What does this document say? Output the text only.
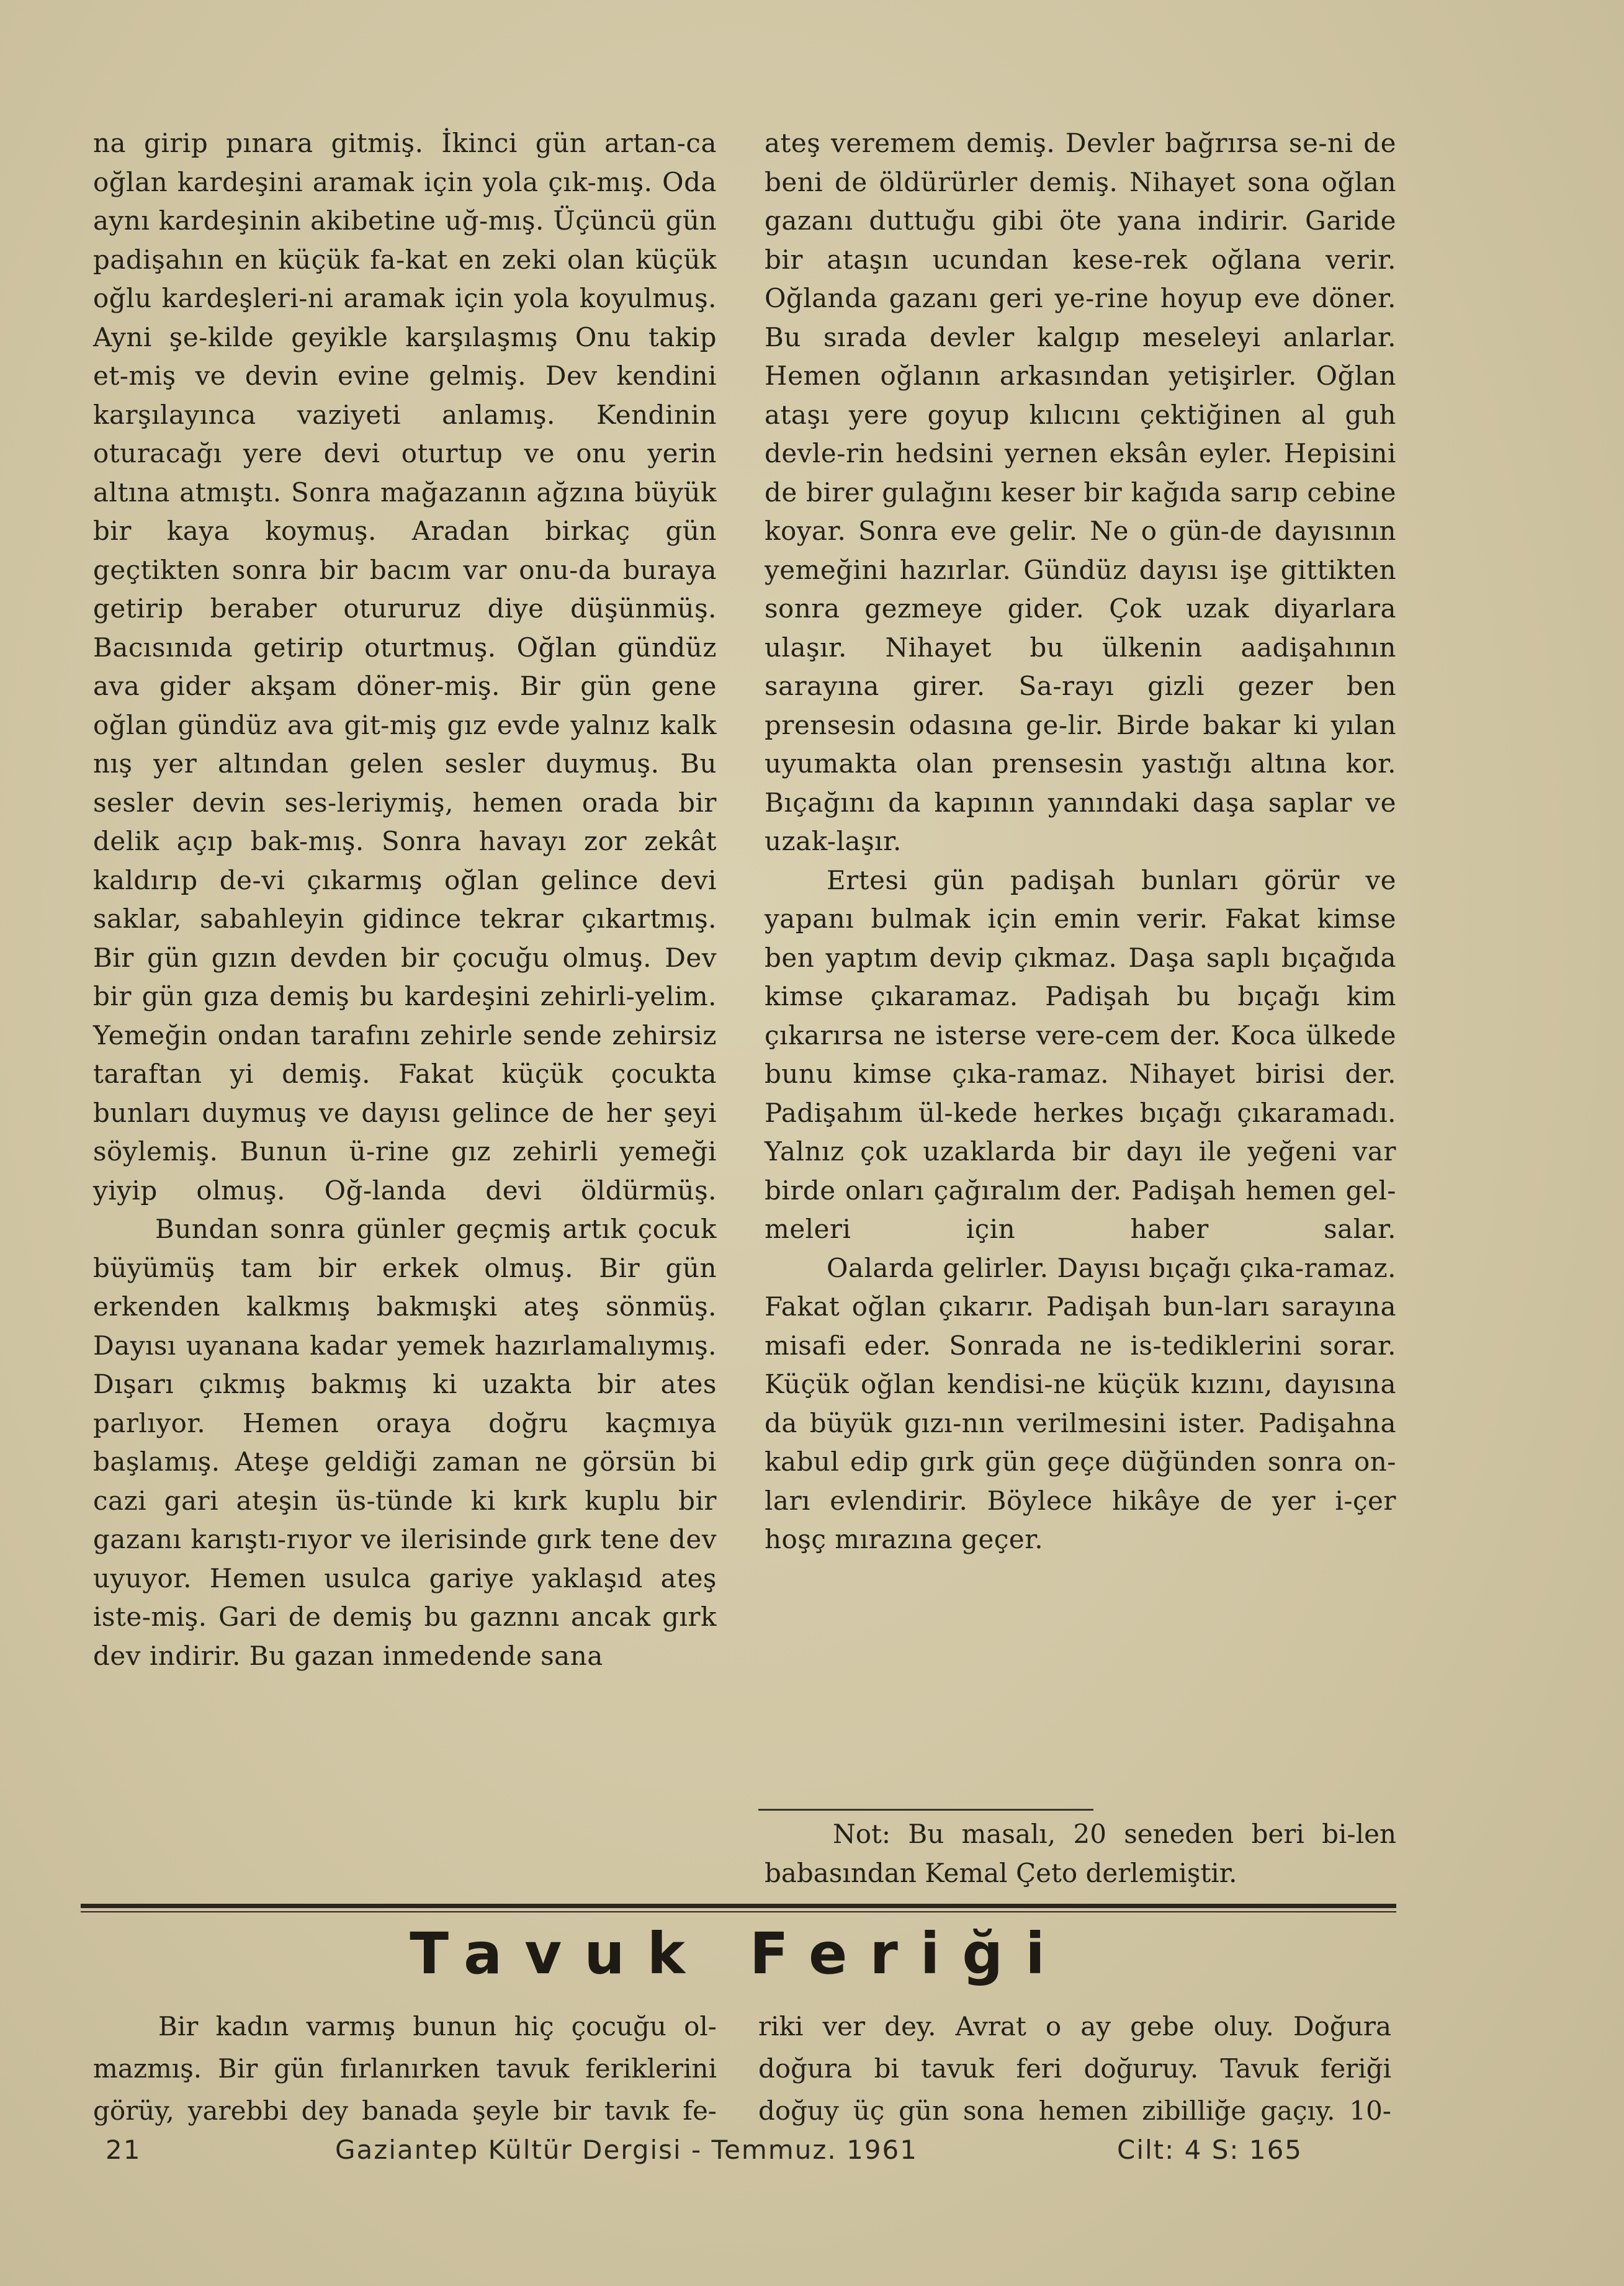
na girip pınara gitmiş. İkinci gün artan-ca oğlan kardeşini aramak için yola çık-mış. Oda aynı kardeşinin akibetine uğ-mış. Üçüncü gün padişahın en küçük fa-kat en zeki olan küçük oğlu kardeşleri-ni aramak için yola koyulmuş. Ayni şe-kilde geyikle karşılaşmış Onu takip et-miş ve devin evine gelmiş. Dev kendini karşılayınca vaziyeti anlamış. Kendinin oturacağı yere devi oturtup ve onu yerin altına atmıştı. Sonra mağazanın ağzına büyük bir kaya koymuş. Aradan birkaç gün geçtikten sonra bir bacım var onu-da buraya getirip beraber otururuz diye düşünmüş. Bacısınıda getirip oturtmuş. Oğlan gündüz ava gider akşam döner-miş. Bir gün gene oğlan gündüz ava git-miş gız evde yalnız kalk nış yer altından gelen sesler duymuş. Bu sesler devin ses-leriymiş, hemen orada bir delik açıp bak-mış. Sonra havayı zor zekât kaldırıp de-vi çıkarmış oğlan gelince devi saklar, sabahleyin gidince tekrar çıkartmış. Bir gün gızın devden bir çocuğu olmuş. Dev bir gün gıza demiş bu kardeşini zehirli-yelim. Yemeğin ondan tarafını zehirle sende zehirsiz taraftan yi demiş. Fakat küçük çocukta bunları duymuş ve dayısı gelince de her şeyi söylemiş. Bunun ü-rine gız zehirli yemeği yiyip olmuş. Oğ-landa devi öldürmüş.

Bundan sonra günler geçmiş artık çocuk büyümüş tam bir erkek olmuş. Bir gün erkenden kalkmış bakmışki ateş sönmüş. Dayısı uyanana kadar yemek hazırlamalıymış. Dışarı çıkmış bakmış ki uzakta bir ates parlıyor. Hemen oraya doğru kaçmıya başlamış. Ateşe geldiği zaman ne görsün bi cazi gari ateşin üs-tünde ki kırk kuplu bir gazanı karıştı-rıyor ve ilerisinde gırk tene dev uyuyor. Hemen usulca gariye yaklaşıd ateş iste-miş. Gari de demiş bu gaznnı ancak gırk dev indirir. Bu gazan inmedende sana

ateş veremem demiş. Devler bağrırsa se-ni de beni de öldürürler demiş. Nihayet sona oğlan gazanı duttuğu gibi öte yana indirir. Garide bir ataşın ucundan kese-rek oğlana verir. Oğlanda gazanı geri ye-rine hoyup eve döner. Bu sırada devler kalgıp meseleyi anlarlar. Hemen oğlanın arkasından yetişirler. Oğlan ataşı yere goyup kılıcını çektiğinen al guh devle-rin hedsini yernen eksân eyler. Hepisini de birer gulağını keser bir kağıda sarıp cebine koyar. Sonra eve gelir. Ne o gün-de dayısının yemeğini hazırlar. Gündüz dayısı işe gittikten sonra gezmeye gider. Çok uzak diyarlara ulaşır. Nihayet bu ülkenin aadişahının sarayına girer. Sa-rayı gizli gezer ben prensesin odasına ge-lir. Birde bakar ki yılan uyumakta olan prensesin yastığı altına kor. Bıçağını da kapının yanındaki daşa saplar ve uzak-laşır.

Ertesi gün padişah bunları görür ve yapanı bulmak için emin verir. Fakat kimse ben yaptım devip çıkmaz. Daşa saplı bıçağıda kimse çıkaramaz. Padişah bu bıçağı kim çıkarırsa ne isterse vere-cem der. Koca ülkede bunu kimse çıka-ramaz. Nihayet birisi der. Padişahım ül-kede herkes bıçağı çıkaramadı. Yalnız çok uzaklarda bir dayı ile yeğeni var birde onları çağıralım der. Padişah hemen gel-meleri için haber salar.

Oalarda gelirler. Dayısı bıçağı çıka-ramaz. Fakat oğlan çıkarır. Padişah bun-ları sarayına misafi eder. Sonrada ne is-tediklerini sorar. Küçük oğlan kendisi-ne küçük kızını, dayısına da büyük gızı-nın verilmesini ister. Padişahna kabul edip gırk gün geçe düğünden sonra on-ları evlendirir. Böylece hikâye de yer i-çer hoşç mırazına geçer.

Not: Bu masalı, 20 seneden beri bi-len babasından Kemal Çeto derlemiştir.
Tavuk Feriği
Bir kadın varmış bunun hiç çocuğu ol-mazmış. Bir gün fırlanırken tavuk feriklerini görüy, yarebbi dey banada şeyle bir tavık fe-
riki ver dey. Avrat o ay gebe oluy. Doğura doğura bi tavuk feri doğuruy. Tavuk feriği doğuy üç gün sona hemen zibilliğe gaçıy. 10-
21	Gaziantep Kültür Dergisi - Temmuz. 1961	Cilt: 4 S: 165
